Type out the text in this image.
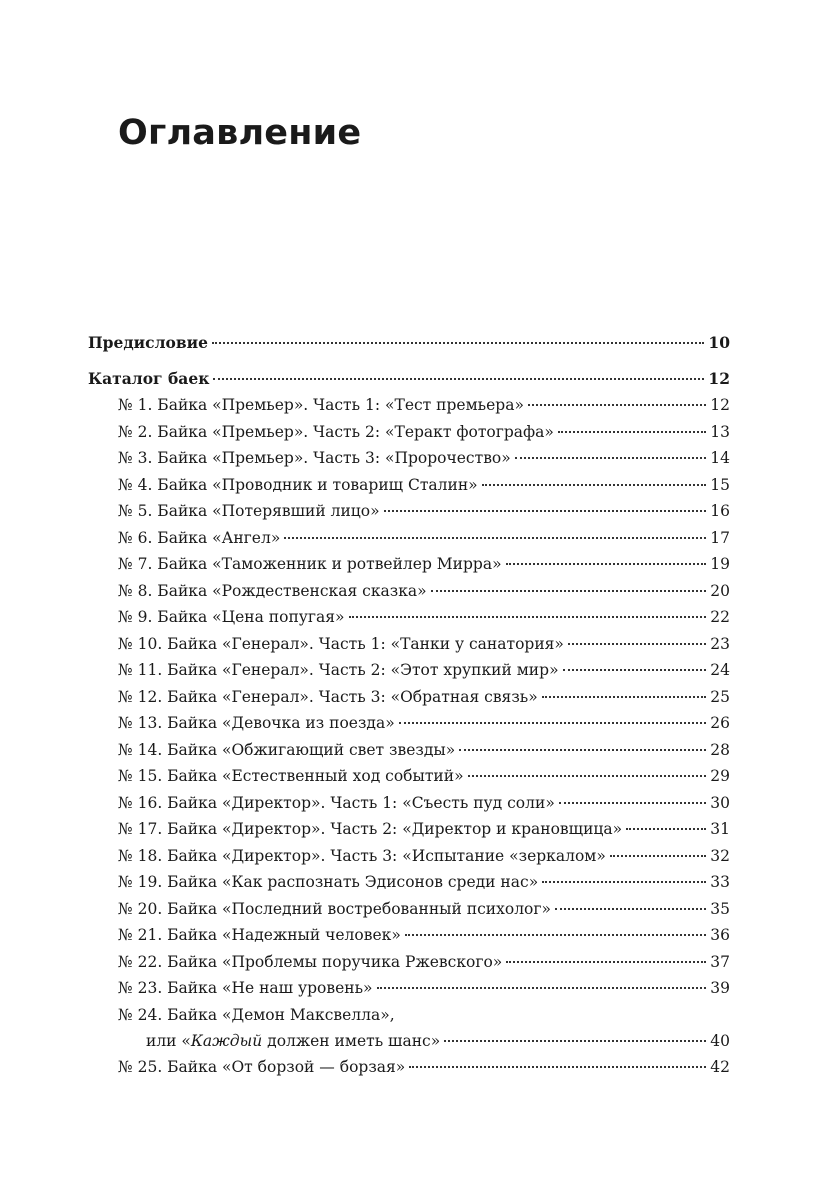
Оглавление
Предисловие	10
Каталог баек	12
№ 1. Байка «Премьер». Часть 1: «Тест премьера»	12
№ 2. Байка «Премьер». Часть 2: «Теракт фотографа»	13
№ 3. Байка «Премьер». Часть 3: «Пророчество»	14
№ 4. Байка «Проводник и товарищ Сталин»	15
№ 5. Байка «Потерявший лицо»	16
№ 6. Байка «Ангел»	17
№ 7. Байка «Таможенник и ротвейлер Мирра»	19
№ 8. Байка «Рождественская сказка»	20
№ 9. Байка «Цена попугая»	22
№ 10. Байка «Генерал». Часть 1: «Танки у санатория»	23
№ 11. Байка «Генерал». Часть 2: «Этот хрупкий мир»	24
№ 12. Байка «Генерал». Часть 3: «Обратная связь»	25
№ 13. Байка «Девочка из поезда»	26
№ 14. Байка «Обжигающий свет звезды»	28
№ 15. Байка «Естественный ход событий»	29
№ 16. Байка «Директор». Часть 1: «Съесть пуд соли»	30
№ 17. Байка «Директор». Часть 2: «Директор и крановщица»	31
№ 18. Байка «Директор». Часть 3: «Испытание «зеркалом»	32
№ 19. Байка «Как распознать Эдисонов среди нас»	33
№ 20. Байка «Последний востребованный психолог»	35
№ 21. Байка «Надежный человек»	36
№ 22. Байка «Проблемы поручика Ржевского»	37
№ 23. Байка «Не наш уровень»	39
№ 24. Байка «Демон Максвелла»,
или «Каждый должен иметь шанс»	40
№ 25. Байка «От борзой — борзая»	42
